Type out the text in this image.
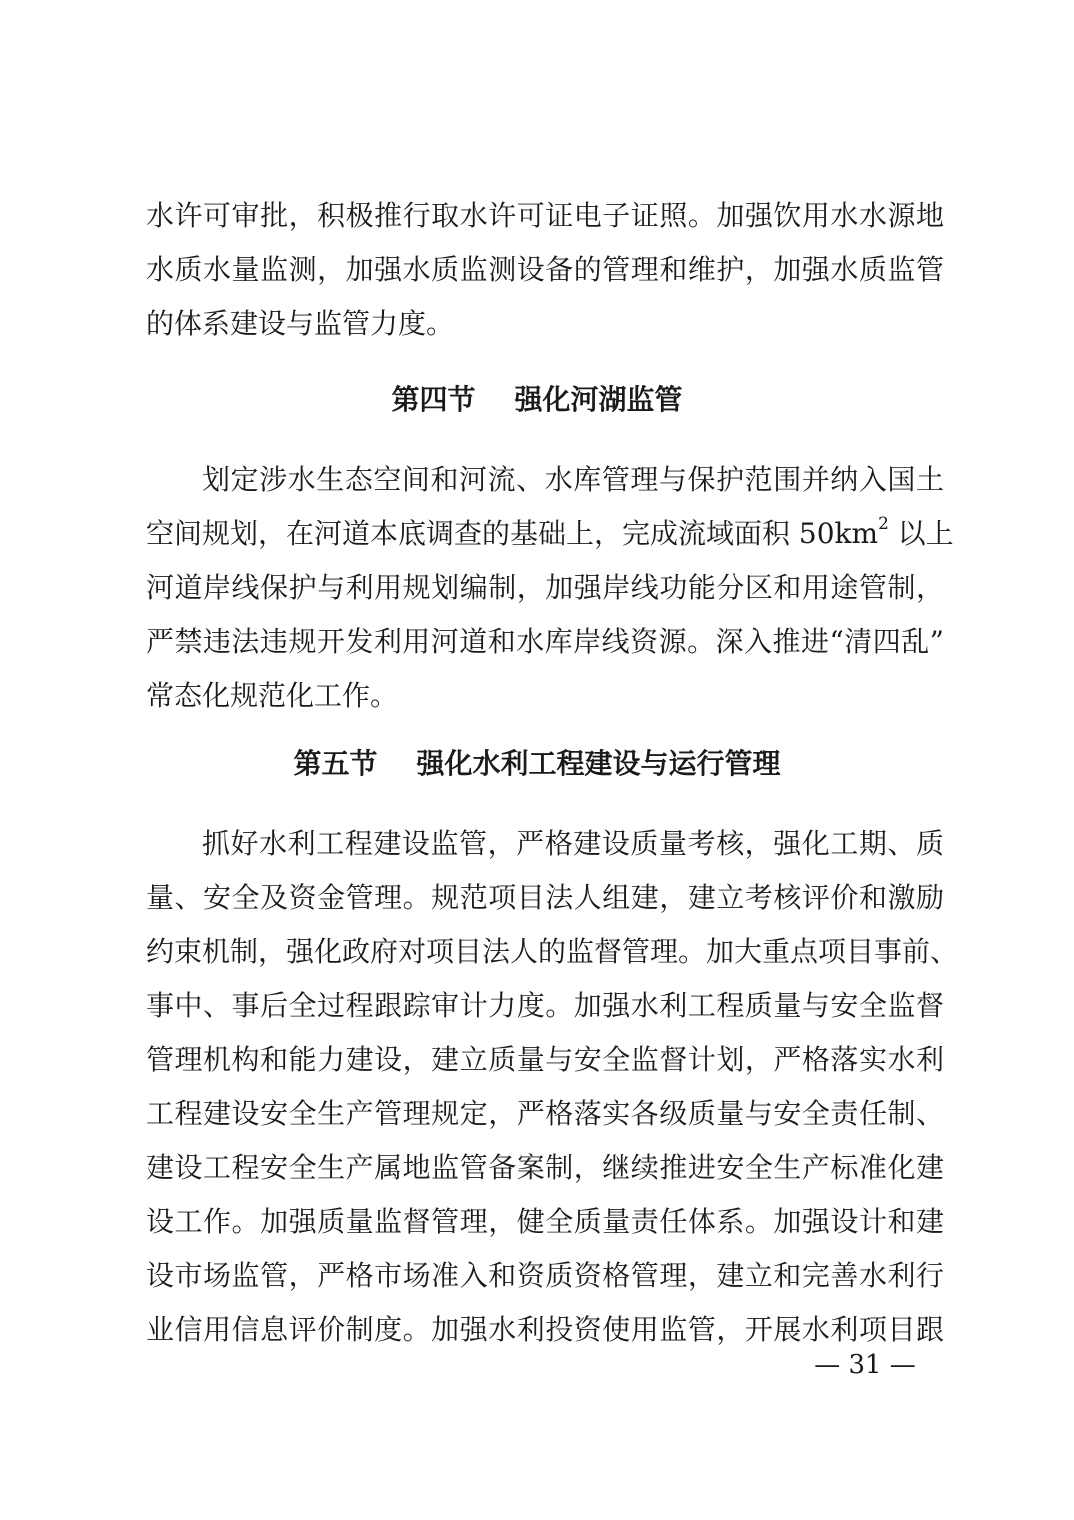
水许可审批，积极推行取水许可证电子证照。加强饮用水水源地
水质水量监测，加强水质监测设备的管理和维护，加强水质监管
的体系建设与监管力度。
第四节 强化河湖监管
划定涉水生态空间和河流、水库管理与保护范围并纳入国土
空间规划，在河道本底调查的基础上，完成流域面积 $50km^2$ 以上
河道岸线保护与利用规划编制，加强岸线功能分区和用途管制，
严禁违法违规开发利用河道和水库岸线资源。深入推进“清四乱”
常态化规范化工作。
第五节 强化水利工程建设与运行管理
抓好水利工程建设监管，严格建设质量考核，强化工期、质
量、安全及资金管理。规范项目法人组建，建立考核评价和激励
约束机制，强化政府对项目法人的监督管理。加大重点项目事前、
事中、事后全过程跟踪审计力度。加强水利工程质量与安全监督
管理机构和能力建设，建立质量与安全监督计划，严格落实水利
工程建设安全生产管理规定，严格落实各级质量与安全责任制、
建设工程安全生产属地监管备案制，继续推进安全生产标准化建
设工作。加强质量监督管理，健全质量责任体系。加强设计和建
设市场监管，严格市场准入和资质资格管理，建立和完善水利行
业信用信息评价制度。加强水利投资使用监管，开展水利项目跟
— 31 —
